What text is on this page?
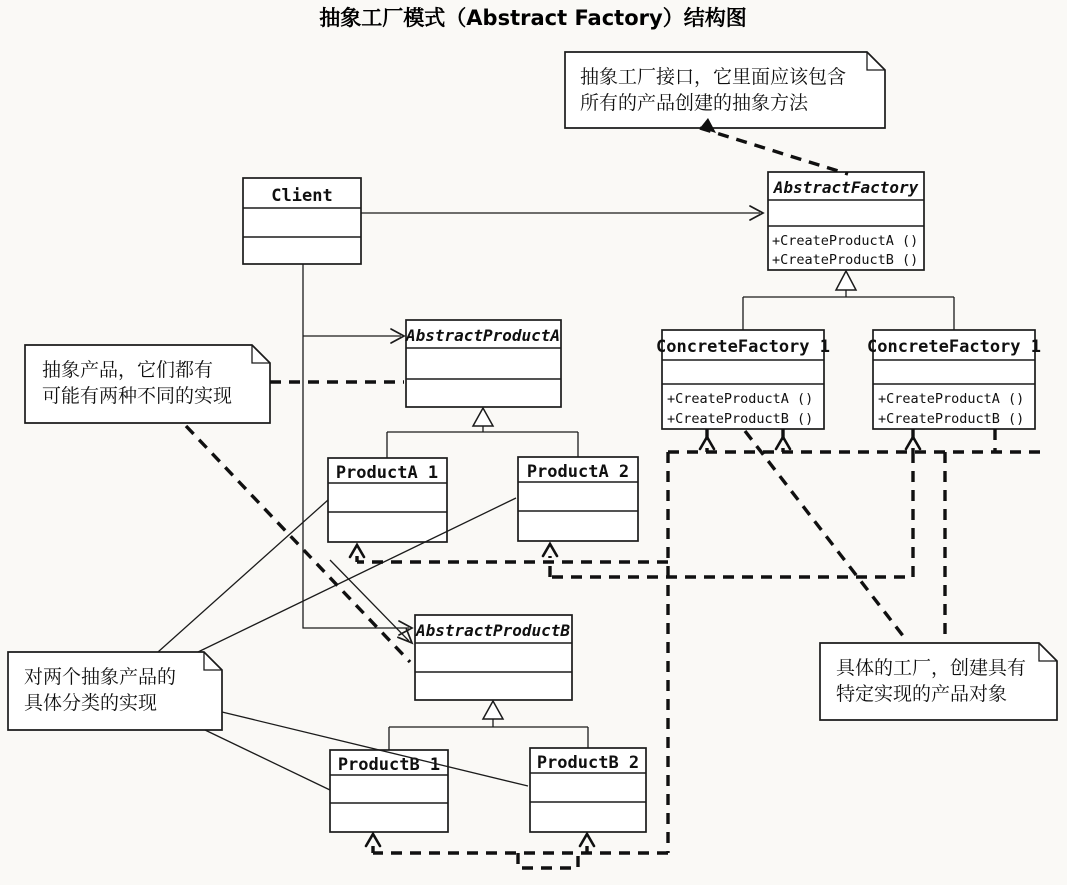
抽象工厂模式（Abstract Factory）结构图
抽象工厂接口，它里面应该包含
所有的产品创建的抽象方法
抽象产品，它们都有
可能有两种不同的实现
对两个抽象产品的
具体分类的实现
具体的工厂，创建具有
特定实现的产品对象
Client	AbstractFactory
+CreateProductA ()
+CreateProductB ()
ConcreteFactory 1
+CreateProductA ()
+CreateProductB ()
ConcreteFactory 1
+CreateProductA ()
+CreateProductB ()
AbstractProductA
ProductA 1	ProductA 2
AbstractProductB
ProductB 1	ProductB 2
